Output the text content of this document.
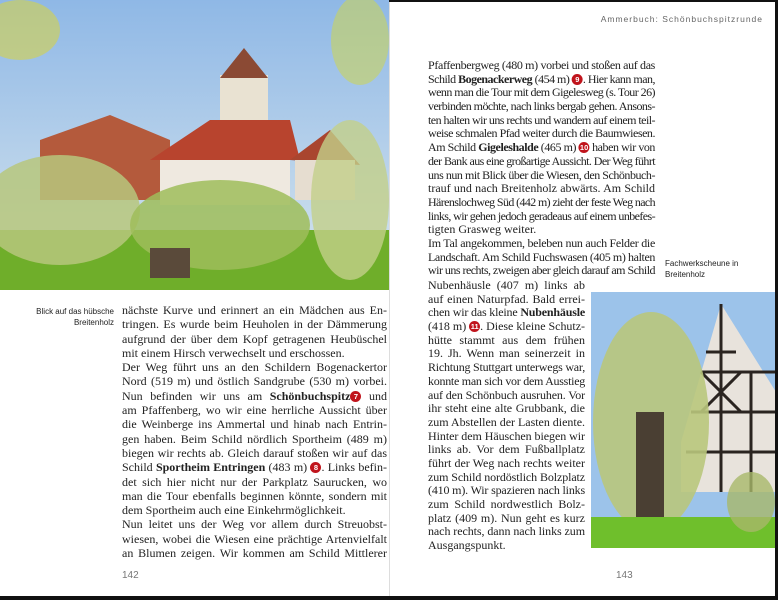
Blick auf das hübsche
Breitenholz
nächste Kurve und erinnert an ein Mädchen aus En-
tringen. Es wurde beim Heuholen in der Dämmerung
aufgrund der über dem Kopf getragenen Heubüschel
mit einem Hirsch verwechselt und erschossen.
Der Weg führt uns an den Schildern Bogenackertor
Nord (519 m) und östlich Sandgrube (530 m) vorbei.
Nun befinden wir uns am Schönbuchspitz 7 und
am Pfaffenberg, wo wir eine herrliche Aussicht über
die Weinberge ins Ammertal und hinab nach Entrin-
gen haben. Beim Schild nördlich Sportheim (489 m)
biegen wir rechts ab. Gleich darauf stoßen wir auf das
Schild Sportheim Entringen (483 m) 8 . Links befin-
det sich hier nicht nur der Parkplatz Saurucken, wo
man die Tour ebenfalls beginnen könnte, sondern mit
dem Sportheim auch eine Einkehrmöglichkeit.
Nun leitet uns der Weg vor allem durch Streuobst-
wiesen, wobei die Wiesen eine prächtige Artenvielfalt
an Blumen zeigen. Wir kommen am Schild Mittlerer
142
Ammerbuch: Schönbuchspitzrunde
Pfaffenbergweg (480 m) vorbei und stoßen auf das
Schild Bogenackerweg (454 m) 9 . Hier kann man,
wenn man die Tour mit dem Gigelesweg (s. Tour 26)
verbinden möchte, nach links bergab gehen. Ansons-
ten halten wir uns rechts und wandern auf einem teil-
weise schmalen Pfad weiter durch die Baumwiesen.
Am Schild Gigeleshalde (465 m) 10 haben wir von
der Bank aus eine großartige Aussicht. Der Weg führt
uns nun mit Blick über die Wiesen, den Schönbuch-
trauf und nach Breitenholz abwärts. Am Schild
Härenslochweg Süd (442 m) zieht der feste Weg nach
links, wir gehen jedoch geradeaus auf einem unbefes-
tigten Grasweg weiter.
Im Tal angekommen, beleben nun auch Felder die
Landschaft. Am Schild Fuchswasen (405 m) halten
wir uns rechts, zweigen aber gleich darauf am Schild
Nubenhäusle (407 m) links ab
auf einen Naturpfad. Bald errei-
chen wir das kleine Nubenhäusle
(418 m) 11 . Diese kleine Schutz-
hütte stammt aus dem frühen
19. Jh. Wenn man seinerzeit in
Richtung Stuttgart unterwegs war,
konnte man sich vor dem Ausstieg
auf den Schönbuch ausruhen. Vor
ihr steht eine alte Grubbank, die
zum Abstellen der Lasten diente.
Hinter dem Häuschen biegen wir
links ab. Vor dem Fußballplatz
führt der Weg nach rechts weiter
zum Schild nordöstlich Bolzplatz
(410 m). Wir spazieren nach links
zum Schild nordwestlich Bolz-
platz (409 m). Nun geht es kurz
nach rechts, dann nach links zum
Ausgangspunkt.
Fachwerkscheune in
Breitenholz
143
